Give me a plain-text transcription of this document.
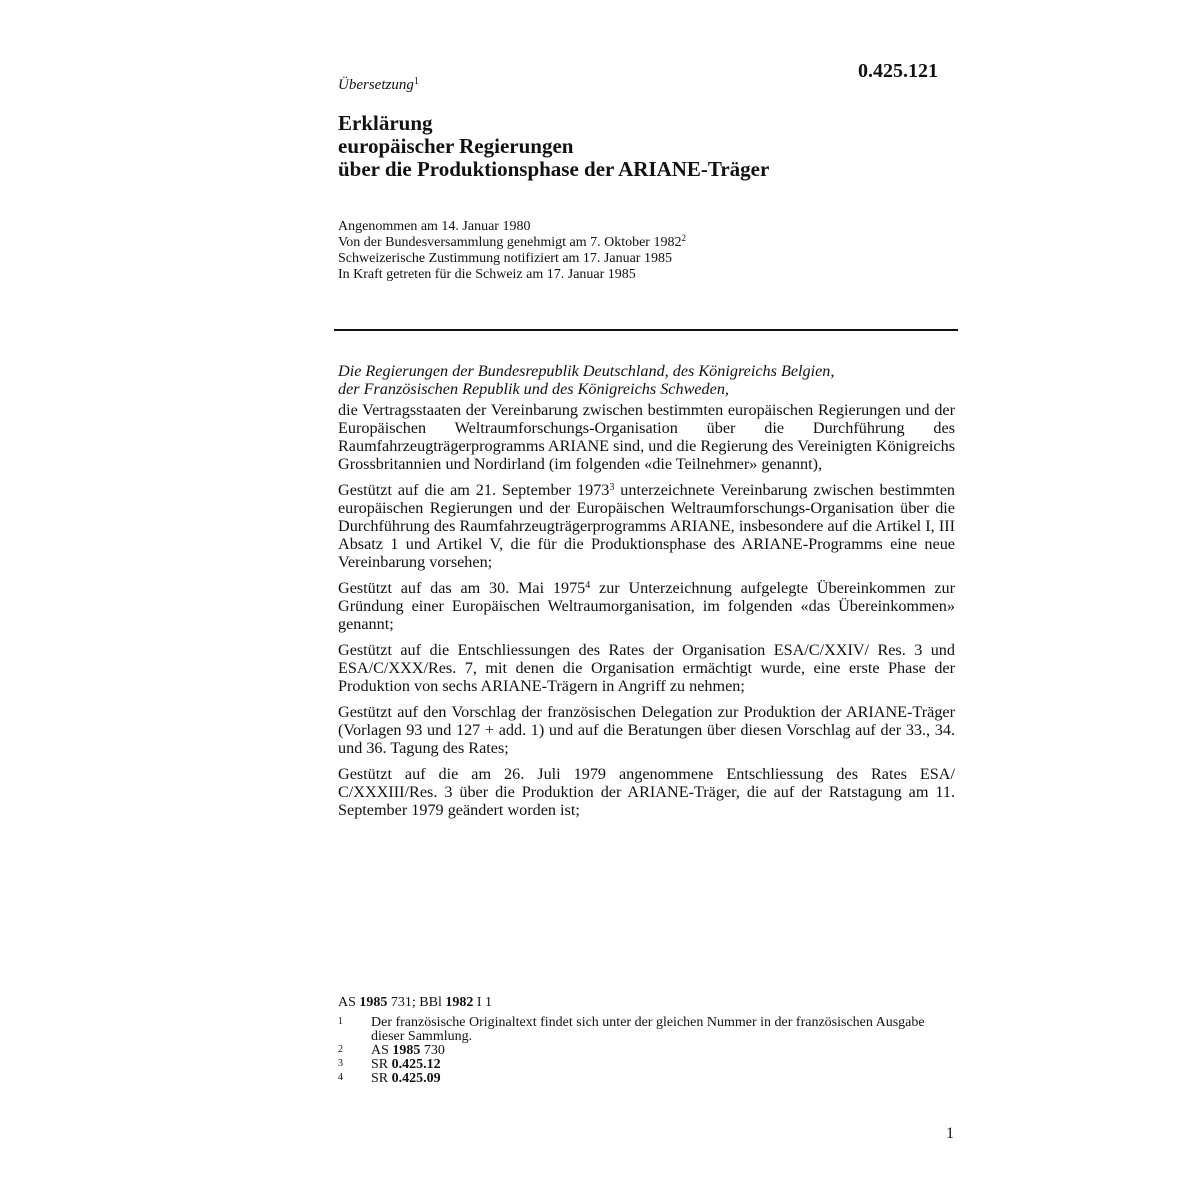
0.425.121
Übersetzung$^1$
Erklärung
europäischer Regierungen
über die Produktionsphase der ARIANE-Träger
Angenommen am 14. Januar 1980
Von der Bundesversammlung genehmigt am 7. Oktober 1982$^2$
Schweizerische Zustimmung notifiziert am 17. Januar 1985
In Kraft getreten für die Schweiz am 17. Januar 1985

Die Regierungen der Bundesrepublik Deutschland, des Königreichs Belgien,
der Französischen Republik und des Königreichs Schweden,

die Vertragsstaaten der Vereinbarung zwischen bestimmten europäischen Regierungen und der Europäischen Weltraumforschungs-Organisation über die Durchführung des Raumfahrzeugträgerprogramms ARIANE sind, und die Regierung des Vereinigten Königreichs Grossbritannien und Nordirland (im folgenden «die Teilnehmer» genannt),

Gestützt auf die am 21. September 1973$^3$ unterzeichnete Vereinbarung zwischen bestimmten europäischen Regierungen und der Europäischen Weltraumforschungs-Organisation über die Durchführung des Raumfahrzeugträgerprogramms ARIANE, insbesondere auf die Artikel I, III Absatz 1 und Artikel V, die für die Produktionsphase des ARIANE-Programms eine neue Vereinbarung vorsehen;

Gestützt auf das am 30. Mai 1975$^4$ zur Unterzeichnung aufgelegte Übereinkommen zur Gründung einer Europäischen Weltraumorganisation, im folgenden «das Übereinkommen» genannt;

Gestützt auf die Entschliessungen des Rates der Organisation ESA/C/XXIV/ Res. 3 und ESA/C/XXX/Res. 7, mit denen die Organisation ermächtigt wurde, eine erste Phase der Produktion von sechs ARIANE-Trägern in Angriff zu nehmen;

Gestützt auf den Vorschlag der französischen Delegation zur Produktion der ARIANE-Träger (Vorlagen 93 und 127 + add. 1) und auf die Beratungen über diesen Vorschlag auf der 33., 34. und 36. Tagung des Rates;

Gestützt auf die am 26. Juli 1979 angenommene Entschliessung des Rates ESA/ C/XXXIII/Res. 3 über die Produktion der ARIANE-Träger, die auf der Ratstagung am 11. September 1979 geändert worden ist;

AS 1985 731; BBl 1982 I 1
1	Der französische Originaltext findet sich unter der gleichen Nummer in der französischen Ausgabe dieser Sammlung.
2	AS 1985 730
3	SR 0.425.12
4	SR 0.425.09
1
